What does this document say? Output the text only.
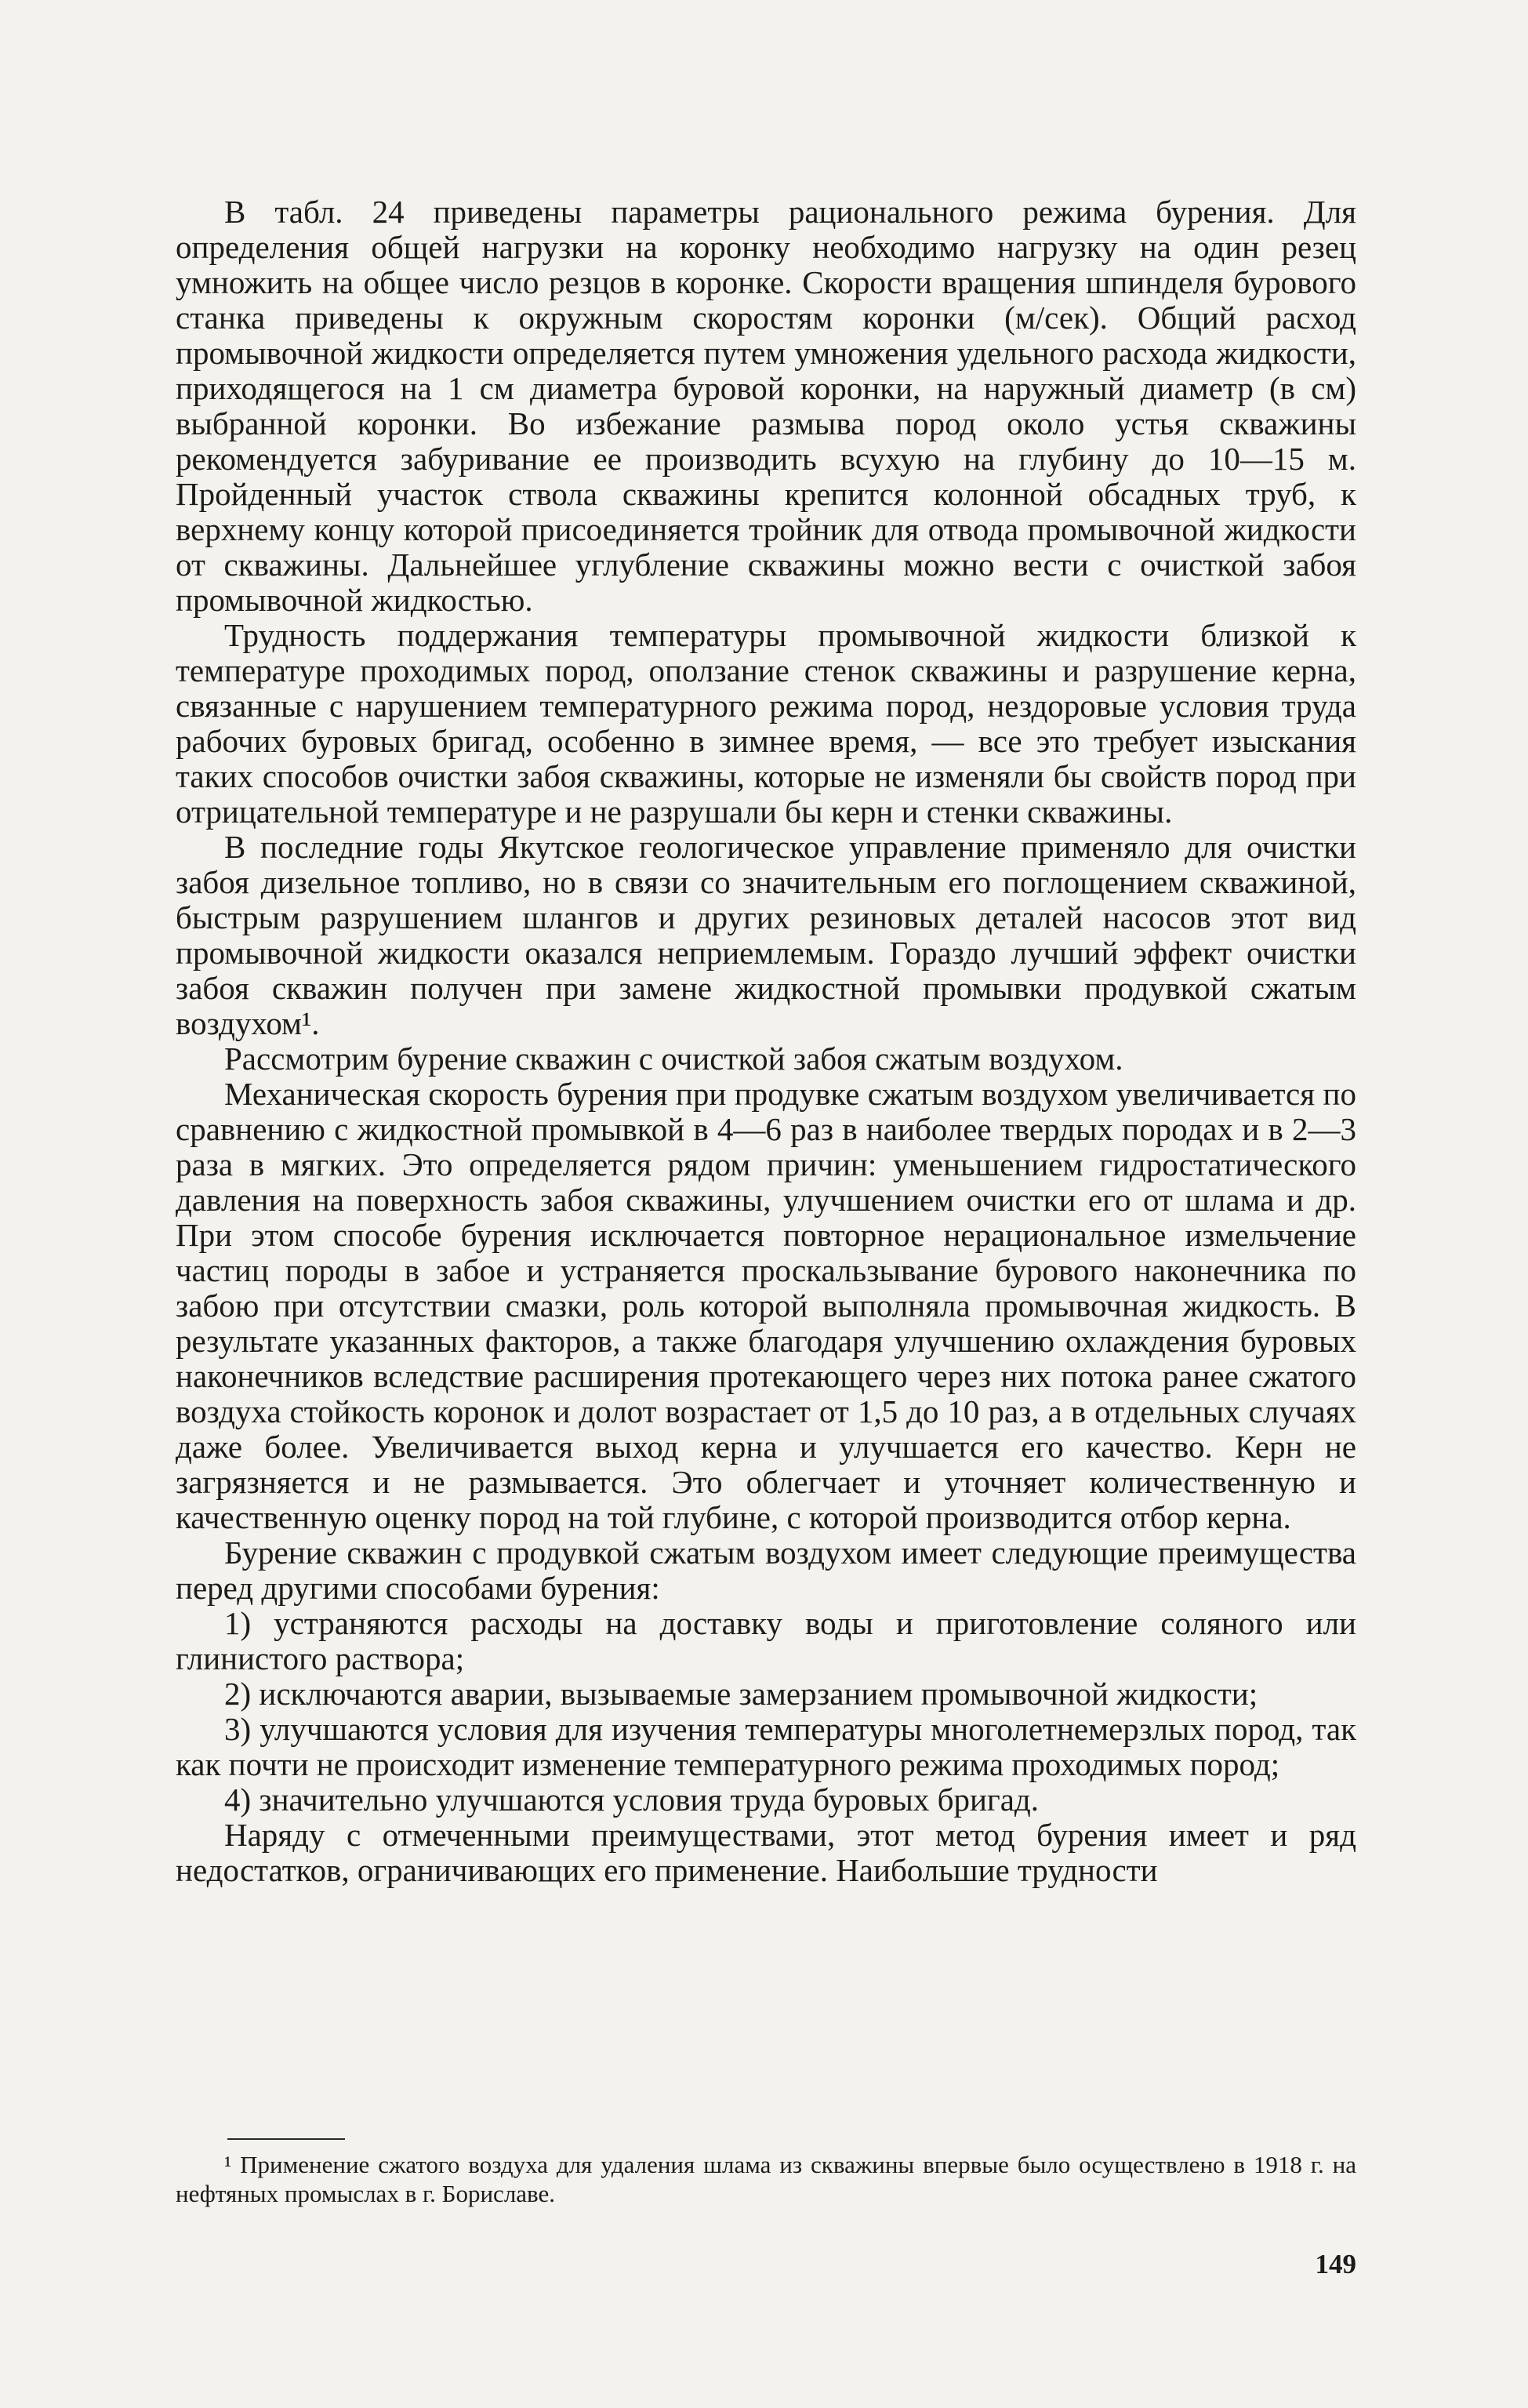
В табл. 24 приведены параметры рационального режима бурения. Для определения общей нагрузки на коронку необходимо нагрузку на один резец умножить на общее число резцов в коронке. Скорости вращения шпинделя бурового станка приведены к окружным скоростям коронки (м/сек). Общий расход промывочной жидкости определяется путем умножения удельного расхода жидкости, приходящегося на 1 см диаметра буровой коронки, на наружный диаметр (в см) выбранной коронки. Во избежание размыва пород около устья скважины рекомендуется забуривание ее производить всухую на глубину до 10—15 м. Пройденный участок ствола скважины крепится колонной обсадных труб, к верхнему концу которой присоединяется тройник для отвода промывочной жидкости от скважины. Дальнейшее углубление скважины можно вести с очисткой забоя промывочной жидкостью.

Трудность поддержания температуры промывочной жидкости близкой к температуре проходимых пород, оползание стенок скважины и разрушение керна, связанные с нарушением температурного режима пород, нездоровые условия труда рабочих буровых бригад, особенно в зимнее время, — все это требует изыскания таких способов очистки забоя скважины, которые не изменяли бы свойств пород при отрицательной температуре и не разрушали бы керн и стенки скважины.

В последние годы Якутское геологическое управление применяло для очистки забоя дизельное топливо, но в связи со значительным его поглощением скважиной, быстрым разрушением шлангов и других резиновых деталей насосов этот вид промывочной жидкости оказался неприемлемым. Гораздо лучший эффект очистки забоя скважин получен при замене жидкостной промывки продувкой сжатым воздухом¹.

Рассмотрим бурение скважин с очисткой забоя сжатым воздухом.

Механическая скорость бурения при продувке сжатым воздухом увеличивается по сравнению с жидкостной промывкой в 4—6 раз в наиболее твердых породах и в 2—3 раза в мягких. Это определяется рядом причин: уменьшением гидростатического давления на поверхность забоя скважины, улучшением очистки его от шлама и др. При этом способе бурения исключается повторное нерациональное измельчение частиц породы в забое и устраняется проскальзывание бурового наконечника по забою при отсутствии смазки, роль которой выполняла промывочная жидкость. В результате указанных факторов, а также благодаря улучшению охлаждения буровых наконечников вследствие расширения протекающего через них потока ранее сжатого воздуха стойкость коронок и долот возрастает от 1,5 до 10 раз, а в отдельных случаях даже более. Увеличивается выход керна и улучшается его качество. Керн не загрязняется и не размывается. Это облегчает и уточняет количественную и качественную оценку пород на той глубине, с которой производится отбор керна.

Бурение скважин с продувкой сжатым воздухом имеет следующие преимущества перед другими способами бурения:

1) устраняются расходы на доставку воды и приготовление соляного или глинистого раствора;

2) исключаются аварии, вызываемые замерзанием промывочной жидкости;

3) улучшаются условия для изучения температуры многолетнемерзлых пород, так как почти не происходит изменение температурного режима проходимых пород;

4) значительно улучшаются условия труда буровых бригад.

Наряду с отмеченными преимуществами, этот метод бурения имеет и ряд недостатков, ограничивающих его применение. Наибольшие трудности

¹ Применение сжатого воздуха для удаления шлама из скважины впервые было осуществлено в 1918 г. на нефтяных промыслах в г. Бориславе.

149
